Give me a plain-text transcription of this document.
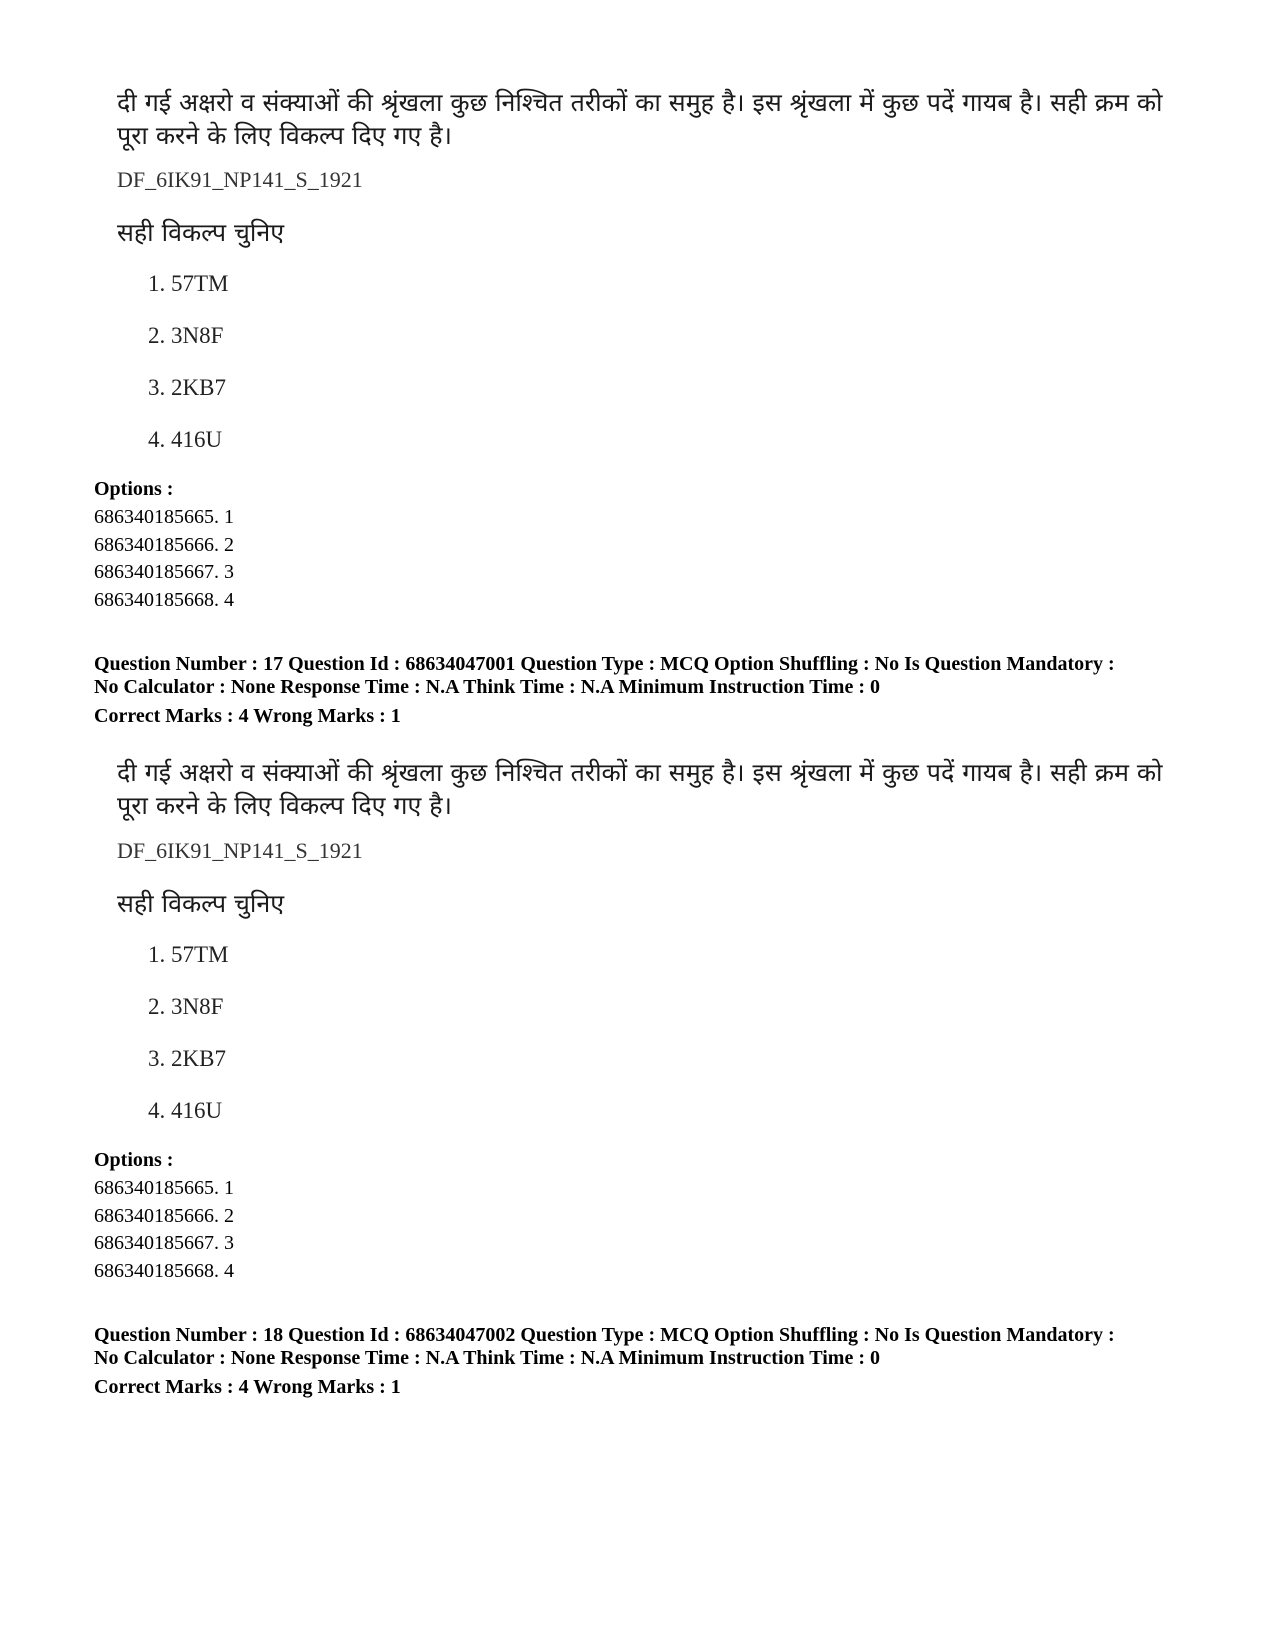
दी गई अक्षरो व संक्याओं की श्रृंखला कुछ निश्चित तरीकों का समुह है। इस श्रृंखला में कुछ पदें गायब है। सही क्रम को पूरा करने के लिए विकल्प दिए गए है।
DF_6IK91_NP141_S_1921
सही विकल्प चुनिए
1. 57TM
2. 3N8F
3. 2KB7
4. 416U
Options :
686340185665. 1
686340185666. 2
686340185667. 3
686340185668. 4
Question Number : 17 Question Id : 68634047001 Question Type : MCQ Option Shuffling : No Is Question Mandatory :
No Calculator : None Response Time : N.A Think Time : N.A Minimum Instruction Time : 0
Correct Marks : 4 Wrong Marks : 1
दी गई अक्षरो व संक्याओं की श्रृंखला कुछ निश्चित तरीकों का समुह है। इस श्रृंखला में कुछ पदें गायब है। सही क्रम को पूरा करने के लिए विकल्प दिए गए है।
DF_6IK91_NP141_S_1921
सही विकल्प चुनिए
1. 57TM
2. 3N8F
3. 2KB7
4. 416U
Options :
686340185665. 1
686340185666. 2
686340185667. 3
686340185668. 4
Question Number : 18 Question Id : 68634047002 Question Type : MCQ Option Shuffling : No Is Question Mandatory :
No Calculator : None Response Time : N.A Think Time : N.A Minimum Instruction Time : 0
Correct Marks : 4 Wrong Marks : 1
